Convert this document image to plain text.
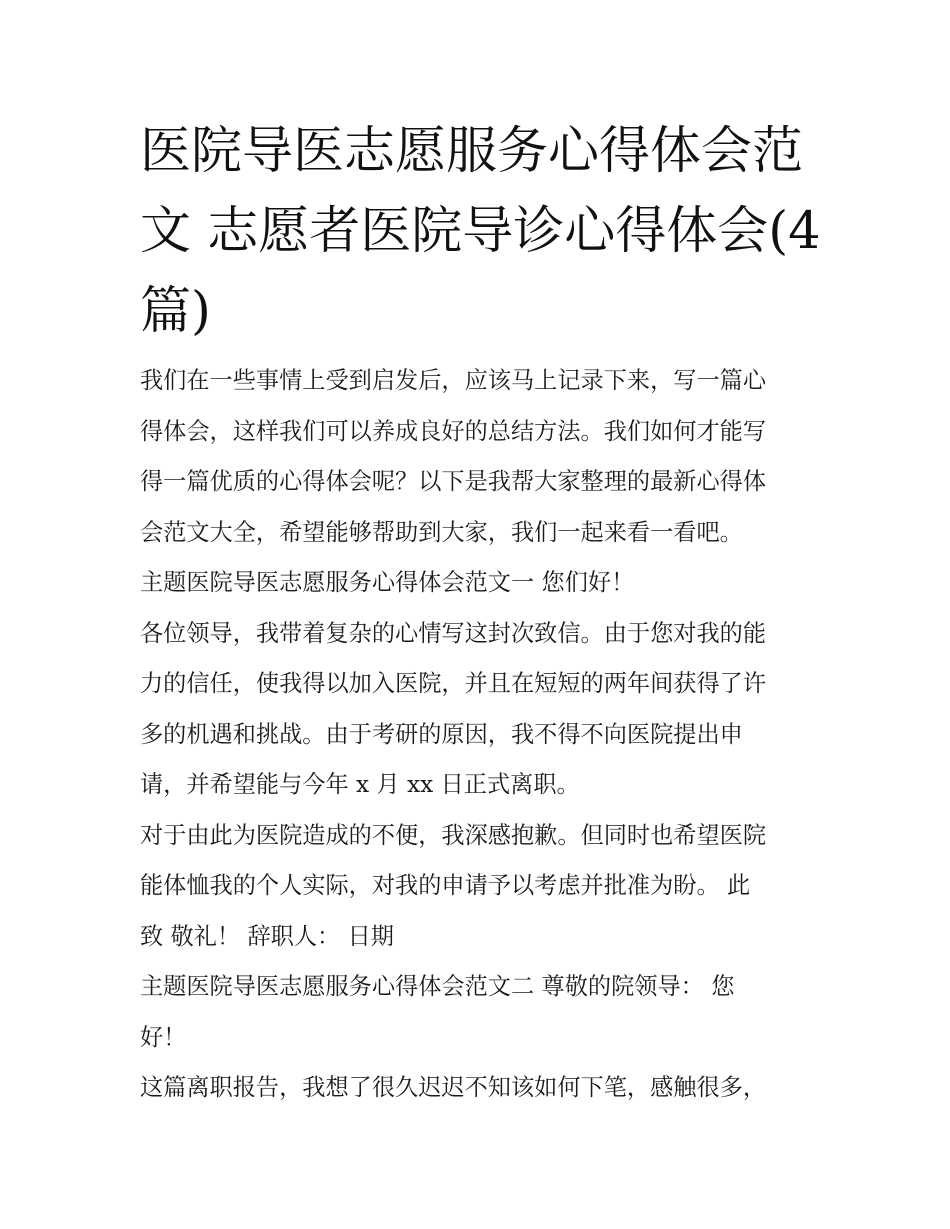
医院导医志愿服务心得体会范
文 志愿者医院导诊心得体会(4
篇)
我们在一些事情上受到启发后，应该马上记录下来，写一篇心
得体会，这样我们可以养成良好的总结方法。我们如何才能写
得一篇优质的心得体会呢？以下是我帮大家整理的最新心得体
会范文大全，希望能够帮助到大家，我们一起来看一看吧。
主题医院导医志愿服务心得体会范文一 您们好！
各位领导，我带着复杂的心情写这封次致信。由于您对我的能
力的信任，使我得以加入医院，并且在短短的两年间获得了许
多的机遇和挑战。由于考研的原因，我不得不向医院提出申
请，并希望能与今年 x 月 xx 日正式离职。
对于由此为医院造成的不便，我深感抱歉。但同时也希望医院
能体恤我的个人实际，对我的申请予以考虑并批准为盼。 此
致 敬礼！ 辞职人： 日期
主题医院导医志愿服务心得体会范文二 尊敬的院领导： 您
好！
这篇离职报告，我想了很久迟迟不知该如何下笔，感触很多，
